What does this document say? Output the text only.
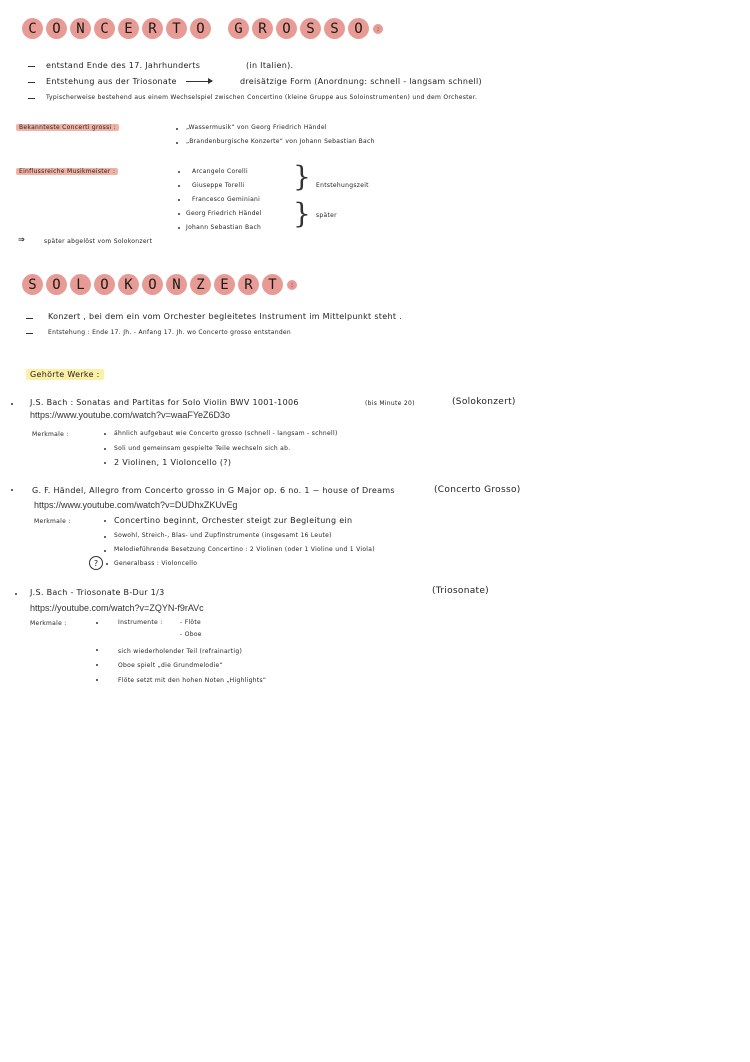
C	O	N	C	E	R	T	O	G	R	O	S	S	O	:
entstand Ende des 17. Jahrhunderts	(in Italien).
Entstehung aus der Triosonate	dreisätzige Form (Anordnung: schnell - langsam schnell)
Typischerweise bestehend aus einem Wechselspiel zwischen Concertino (kleine Gruppe aus Soloinstrumenten) und dem Orchester.
Bekannteste Concerti grossi :	„Wassermusik“ von Georg Friedrich Händel
„Brandenburgische Konzerte“ von Johann Sebastian Bach
Einflussreiche Musikmeister :	Arcangelo Corelli
Giuseppe Torelli
Francesco Geminiani
Georg Friedrich Händel
Johann Sebastian Bach
} Entstehungszeit
} später
⇒	später abgelöst vom Solokonzert
S	O	L	O	K	O	N	Z	E	R	T	:
Konzert , bei dem ein vom Orchester begleitetes Instrument im Mittelpunkt steht .
Entstehung : Ende 17. Jh. - Anfang 17. Jh. wo Concerto grosso entstanden
Gehörte Werke :
J.S. Bach : Sonatas and Partitas for Solo Violin BWV 1001-1006	(bis Minute 20)	(Solokonzert)
https://www.youtube.com/watch?v=waaFYeZ6D3o
Merkmale :	ähnlich aufgebaut wie Concerto grosso (schnell - langsam - schnell)
Soli und gemeinsam gespielte Teile wechseln sich ab.
2 Violinen, 1 Violoncello (?)
G. F. Händel, Allegro from Concerto grosso in G Major op. 6 no. 1 ~ house of Dreams	(Concerto Grosso)
https://www.youtube.com/watch?v=DUDhxZKUvEg
Merkmale :	Concertino beginnt, Orchester steigt zur Begleitung ein
Sowohl, Streich-, Blas- und Zupfinstrumente (insgesamt 16 Leute)
Melodieführende Besetzung Concertino : 2 Violinen (oder 1 Violine und 1 Viola)
?	Generalbass : Violoncello
J.S. Bach - Triosonate B-Dur 1/3	(Triosonate)
https://youtube.com/watch?v=ZQYN-f9rAVc
Merkmale :	Instrumente :	- Flöte
- Oboe
sich wiederholender Teil (refrainartig)
Oboe spielt „die Grundmelodie“
Flöte setzt mit den hohen Noten „Highlights“
